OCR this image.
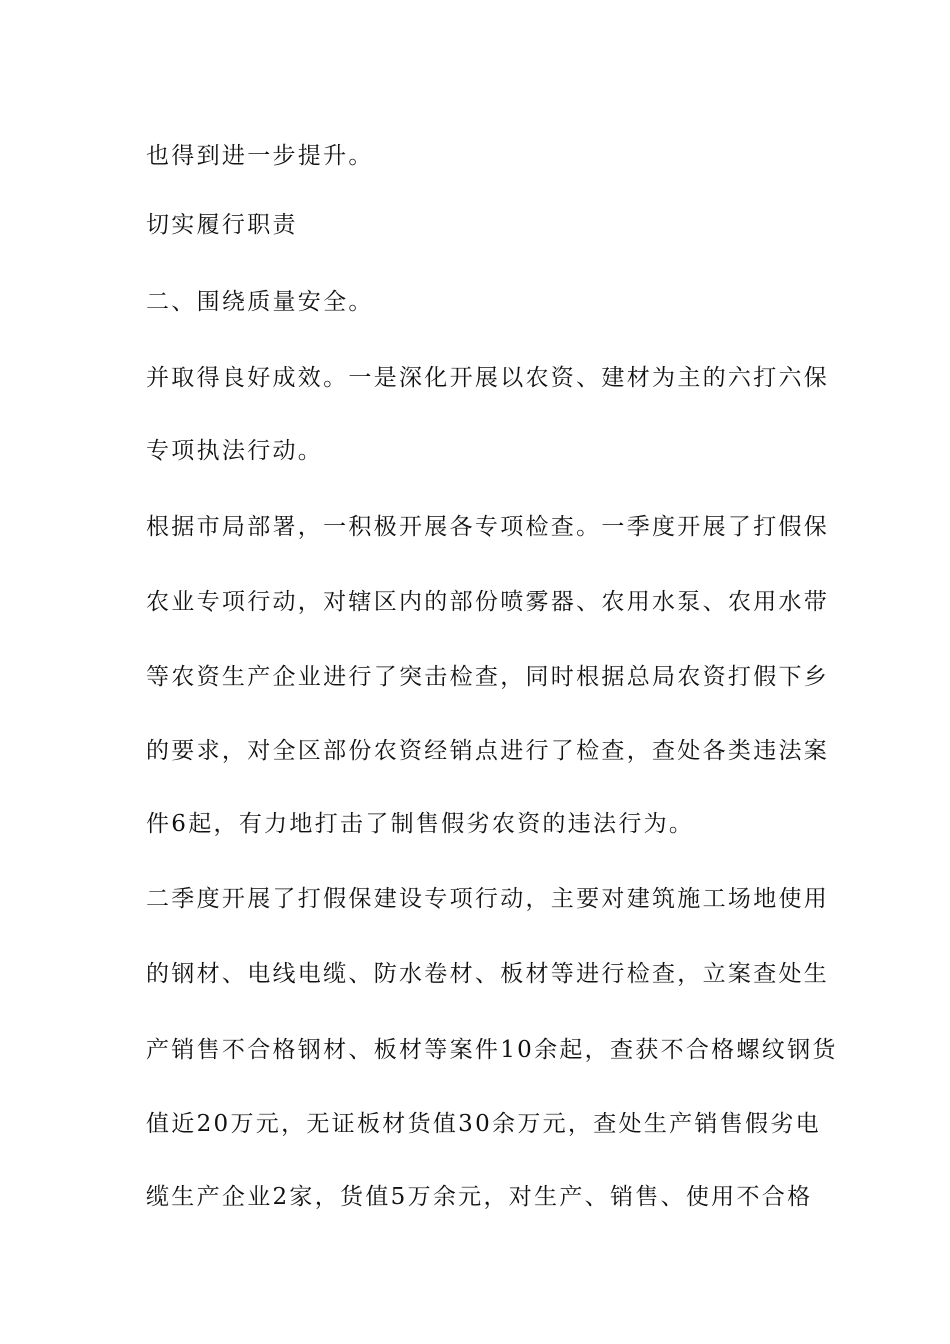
也得到进一步提升。
切实履行职责
二、围绕质量安全。
并取得良好成效。一是深化开展以农资、建材为主的六打六保
专项执法行动。
根据市局部署，一积极开展各专项检查。一季度开展了打假保
农业专项行动，对辖区内的部份喷雾器、农用水泵、农用水带
等农资生产企业进行了突击检查，同时根据总局农资打假下乡
的要求，对全区部份农资经销点进行了检查，查处各类违法案
件6起，有力地打击了制售假劣农资的违法行为。
二季度开展了打假保建设专项行动，主要对建筑施工场地使用
的钢材、电线电缆、防水卷材、板材等进行检查，立案查处生
产销售不合格钢材、板材等案件10余起，查获不合格螺纹钢货
值近20万元，无证板材货值30余万元，查处生产销售假劣电
缆生产企业2家，货值5万余元，对生产、销售、使用不合格
